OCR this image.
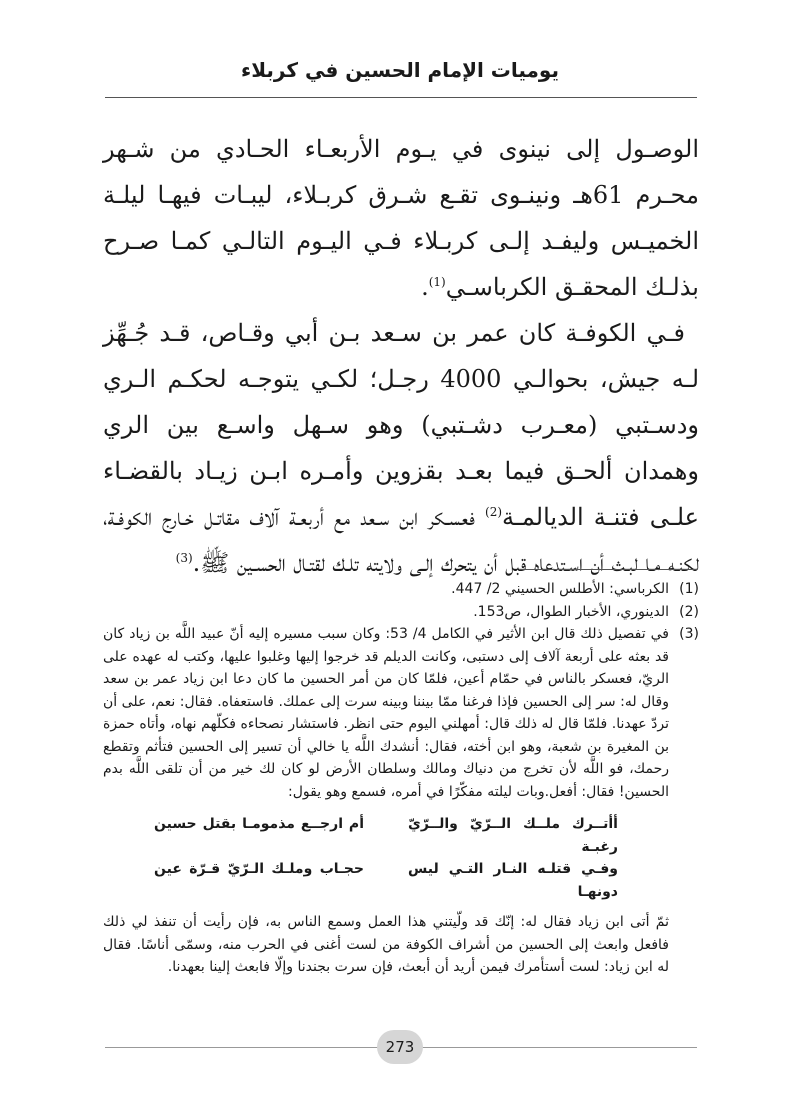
يوميات الإمام الحسين في كربلاء

الوصـول إلى نينوى في يـوم الأربعـاء الحـادي من شـهر محـرم 61هـ ونينـوى تقـع شـرق كربـلاء، ليبـات فيهـا ليلـة الخميـس وليفـد إلـى كربـلاء فـي اليـوم التالـي كمـا صـرح بذلـك المحقـق الكرباسـي$^{(1)}$.

فـي الكوفـة كان عمر بن سـعد بـن أبي وقـاص، قـد جُـهِّز لـه جيش، بحوالـي 4000 رجـل؛ لكـي يتوجـه لحكـم الـري ودسـتبي (معـرب دشـتبي) وهو سـهل واسـع بين الري وهمدان ألحـق فيما بعـد بقزوين وأمـره ابـن زيـاد بالقضـاء علـى فتنـة الديالمـة$^{(2)}$ فعسـكر ابن سـعد مع أربعـة آلاف مقاتـل خـارج الكوفـة، لكنـه مـا لبـث أن اسـتدعاه قبل أن يتحرك إلـى ولايته تلـك لقتـال الحسـين ﷺ.$^{(3)}$

(1)
الكرباسي: الأطلس الحسيني 2/ 447.
(2)
الدينوري، الأخبار الطوال، ص153.
(3)

في تفصيل ذلك قال ابن الأثير في الكامل 4/ 53: وكان سبب مسيره إليه أنّ عبيد اللَّه بن زياد كان قد بعثه على أربعة آلاف إلى دستبى، وكانت الديلم قد خرجوا إليها وغلبوا عليها، وكتب له عهده على الريّ، فعسكر بالناس في حمّام أعين، فلمّا كان من أمر الحسين ما كان دعا ابن زياد عمر بن سعد وقال له: سر إلى الحسين فإذا فرغنا ممّا بيننا وبينه سرت إلى عملك. فاستعفاه. فقال: نعم، على أن تردّ عهدنا. فلمّا قال له ذلك قال: أمهلني اليوم حتى انظر. فاستشار نصحاءه فكلّهم نهاه، وأتاه حمزة بن المغيرة بن شعبة، وهو ابن أخته، فقال: أنشدك اللَّه يا خالي أن تسير إلى الحسين فتأثم وتقطع رحمك، فو اللَّه لأن تخرج من دنياك ومالك وسلطان الأرض لو كان لك خير من أن تلقى اللَّه بدم الحسين! فقال: أفعل.وبات ليلته مفكّرًا في أمره، فسمع وهو يقول:

أأتــرك ملــك الــرّيّ والــرّيّ رغبـة
أم ارجــع مذمومـا بقتل حسين
وفـي قتلـه النـار التـي ليس دونهـا
حجـاب وملـك الـرّيّ قـرّة عين

ثمّ أتى ابن زياد فقال له: إنّك قد ولّيتني هذا العمل وسمع الناس به، فإن رأيت أن تنفذ لي ذلك فافعل وابعث إلى الحسين من أشراف الكوفة من لست أغنى في الحرب منه، وسمّى أناسًا. فقال له ابن زياد: لست أستأمرك فيمن أريد أن أبعث، فإن سرت بجندنا وإلّا فابعث إلينا بعهدنا.

273
